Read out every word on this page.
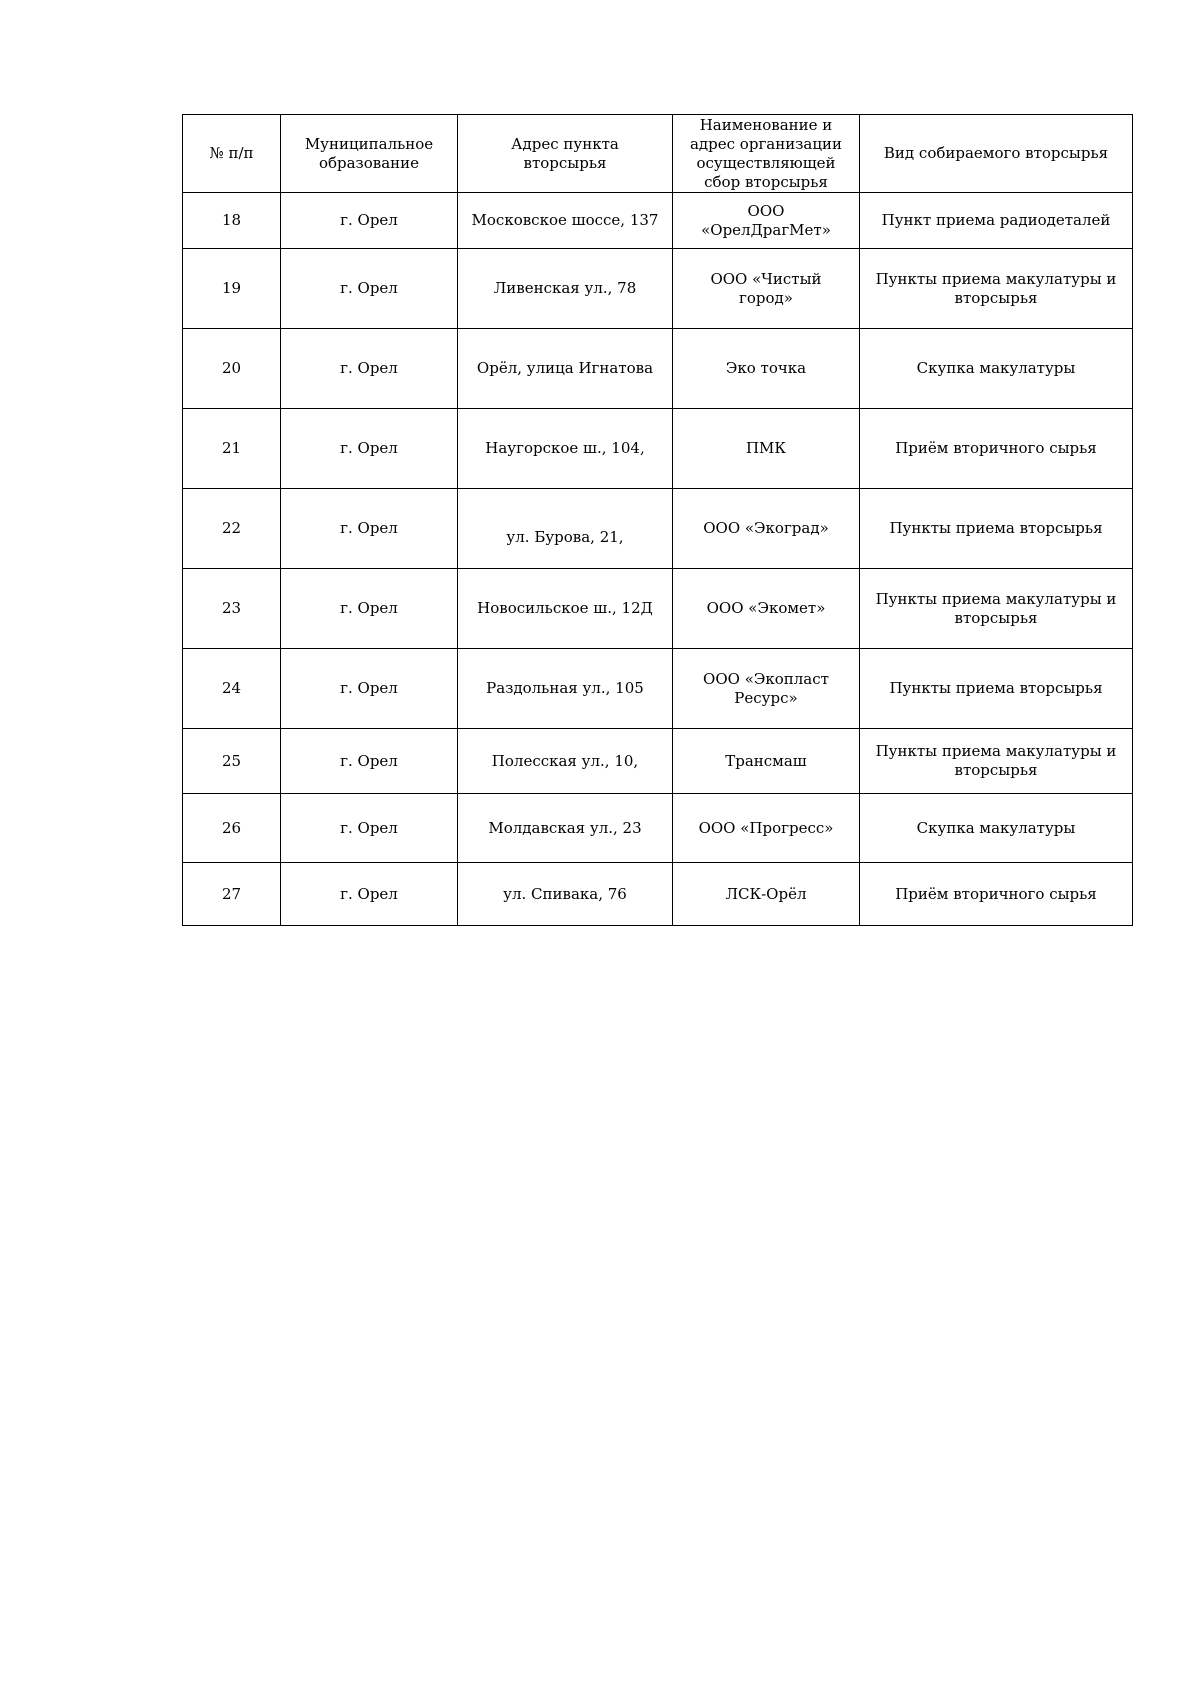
№ п/п	Муниципальное образование	Адрес пункта вторсырья	Наименование и адрес организации осуществляющей сбор вторсырья	Вид собираемого вторсырья
18	г. Орел	Московское шоссе, 137	ООО «ОрелДрагМет»	Пункт приема радиодеталей
19	г. Орел	Ливенская ул., 78	ООО «Чистый город»	Пункты приема макулатуры и вторсырья
20	г. Орел	Орёл, улица Игнатова	Эко точка	Скупка макулатуры
21	г. Орел	Наугорское ш., 104,	ПМК	Приём вторичного сырья
22	г. Орел	ул. Бурова, 21,	ООО «Экоград»	Пункты приема вторсырья
23	г. Орел	Новосильское ш., 12Д	ООО «Экомет»	Пункты приема макулатуры и вторсырья
24	г. Орел	Раздольная ул., 105	ООО «Экопласт Ресурс»	Пункты приема вторсырья
25	г. Орел	Полесская ул., 10,	Трансмаш	Пункты приема макулатуры и вторсырья
26	г. Орел	Молдавская ул., 23	ООО «Прогресс»	Скупка макулатуры
27	г. Орел	ул. Спивака, 76	ЛСК-Орёл	Приём вторичного сырья
